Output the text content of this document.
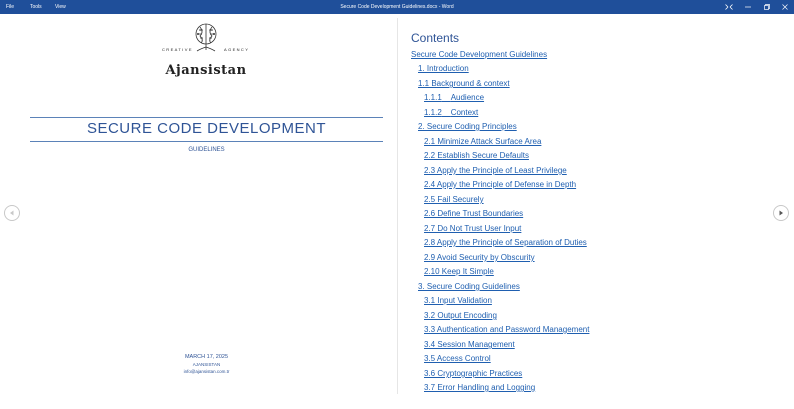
File	Tools	View	Secure Code Development Guidelines.docx - Word
CREATIVE	AGENCY
Ajansistan
SECURE CODE DEVELOPMENT
GUIDELINES
MARCH 17, 2025
AJANSISTAN
info@ajansistan.com.tr
Contents
Secure Code Development Guidelines
1. Introduction
1.1 Background & context
1.1.1 Audience
1.1.2 Context
2. Secure Coding Principles
2.1 Minimize Attack Surface Area
2.2 Establish Secure Defaults
2.3 Apply the Principle of Least Privilege
2.4 Apply the Principle of Defense in Depth
2.5 Fail Securely
2.6 Define Trust Boundaries
2.7 Do Not Trust User Input
2.8 Apply the Principle of Separation of Duties
2.9 Avoid Security by Obscurity
2.10 Keep It Simple
3. Secure Coding Guidelines
3.1 Input Validation
3.2 Output Encoding
3.3 Authentication and Password Management
3.4 Session Management
3.5 Access Control
3.6 Cryptographic Practices
3.7 Error Handling and Logging
